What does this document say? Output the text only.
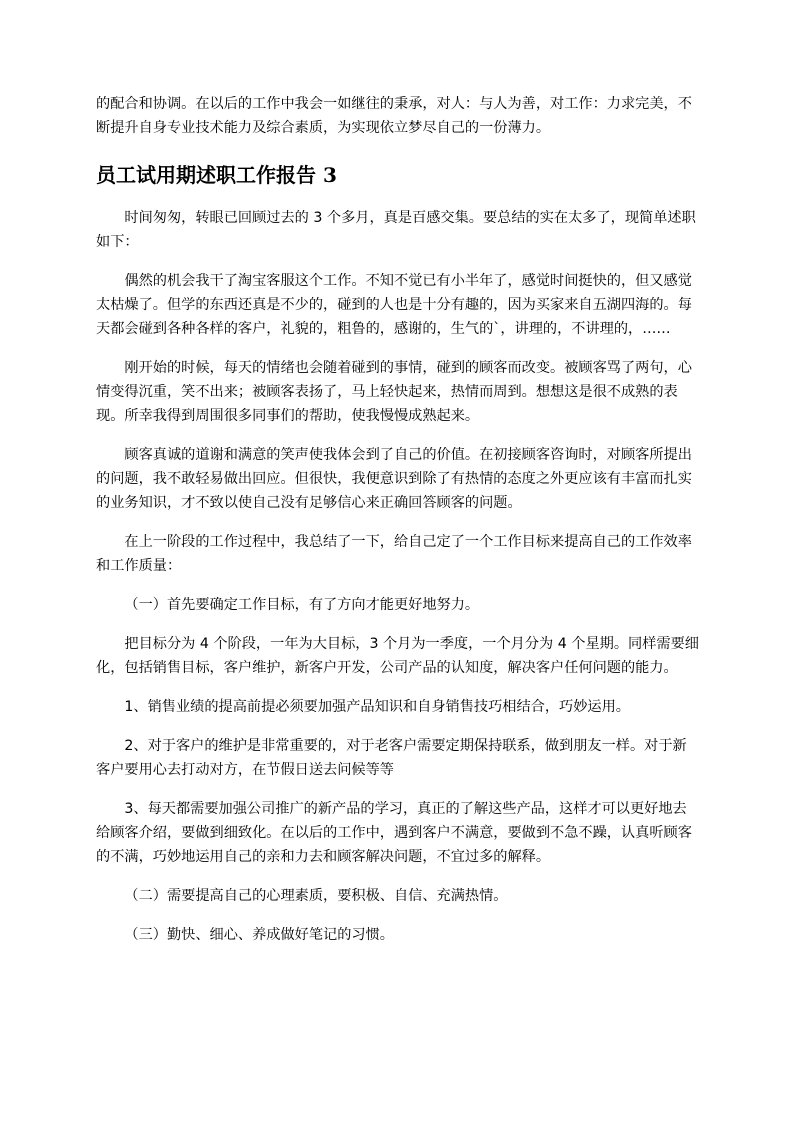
的配合和协调。在以后的工作中我会一如继往的秉承，对人：与人为善，对工作：力求完美，不断提升自身专业技术能力及综合素质，为实现依立梦尽自己的一份薄力。

员工试用期述职工作报告 3

时间匆匆，转眼已回顾过去的 3 个多月，真是百感交集。要总结的实在太多了，现简单述职如下：

偶然的机会我干了淘宝客服这个工作。不知不觉已有小半年了，感觉时间挺快的，但又感觉太枯燥了。但学的东西还真是不少的，碰到的人也是十分有趣的，因为买家来自五湖四海的。每天都会碰到各种各样的客户，礼貌的，粗鲁的，感谢的，生气的`，讲理的，不讲理的，……

刚开始的时候，每天的情绪也会随着碰到的事情，碰到的顾客而改变。被顾客骂了两句，心情变得沉重，笑不出来；被顾客表扬了，马上轻快起来，热情而周到。想想这是很不成熟的表现。所幸我得到周围很多同事们的帮助，使我慢慢成熟起来。

顾客真诚的道谢和满意的笑声使我体会到了自己的价值。在初接顾客咨询时，对顾客所提出的问题，我不敢轻易做出回应。但很快，我便意识到除了有热情的态度之外更应该有丰富而扎实的业务知识，才不致以使自己没有足够信心来正确回答顾客的问题。

在上一阶段的工作过程中，我总结了一下，给自己定了一个工作目标来提高自己的工作效率和工作质量：

（一）首先要确定工作目标，有了方向才能更好地努力。

把目标分为 4 个阶段，一年为大目标，3 个月为一季度，一个月分为 4 个星期。同样需要细化，包括销售目标，客户维护，新客户开发，公司产品的认知度，解决客户任何问题的能力。

1、销售业绩的提高前提必须要加强产品知识和自身销售技巧相结合，巧妙运用。

2、对于客户的维护是非常重要的，对于老客户需要定期保持联系，做到朋友一样。对于新客户要用心去打动对方，在节假日送去问候等等

3、每天都需要加强公司推广的新产品的学习，真正的了解这些产品，这样才可以更好地去给顾客介绍，要做到细致化。在以后的工作中，遇到客户不满意，要做到不急不躁，认真听顾客的不满，巧妙地运用自己的亲和力去和顾客解决问题，不宜过多的解释。

（二）需要提高自己的心理素质，要积极、自信、充满热情。

（三）勤快、细心、养成做好笔记的习惯。
